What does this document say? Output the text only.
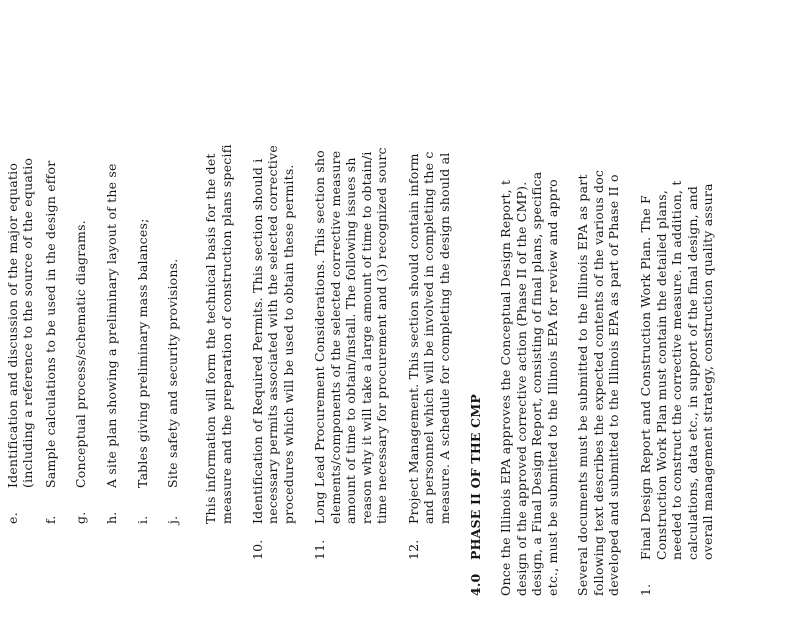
e.
Identification and discussion of the major equatio (including a reference to the source of the equatio
f.
Sample calculations to be used in the design effor
g.
Conceptual process/schematic diagrams.
h.
A site plan showing a preliminary layout of the se
i.
Tables giving preliminary mass balances;
j.
Site safety and security provisions. This information will form the technical basis for the det measure and the preparation of construction plans specifi
10.
Identification of Required Permits. This section should i necessary permits associated with the selected corrective procedures which will be used to obtain these permits.
11.
Long Lead Procurement Considerations. This section sho elements/components of the selected corrective measure amount of time to obtain/install. The following issues sh reason why it will take a large amount of time to obtain/i time necessary for procurement and (3) recognized sourc
12.
Project Management. This section should contain inform and personnel which will be involved in completing the c measure. A schedule for completing the design should al
4.0
PHASE II OF THE CMP Once the Illinois EPA approves the Conceptual Design Report, t design of the approved corrective action (Phase II of the CMP). design, a Final Design Report, consisting of final plans, specifica etc., must be submitted to the Illinois EPA for review and appro Several documents must be submitted to the Illinois EPA as part following text describes the expected contents of the various doc developed and submitted to the Illinois EPA as part of Phase II o 1.
Final Design Report and Construction Work Plan. The F Construction Work Plan must contain the detailed plans, needed to construct the corrective measure. In addition, t calculations, data etc., in support of the final design, and overall management strategy, construction quality assura
